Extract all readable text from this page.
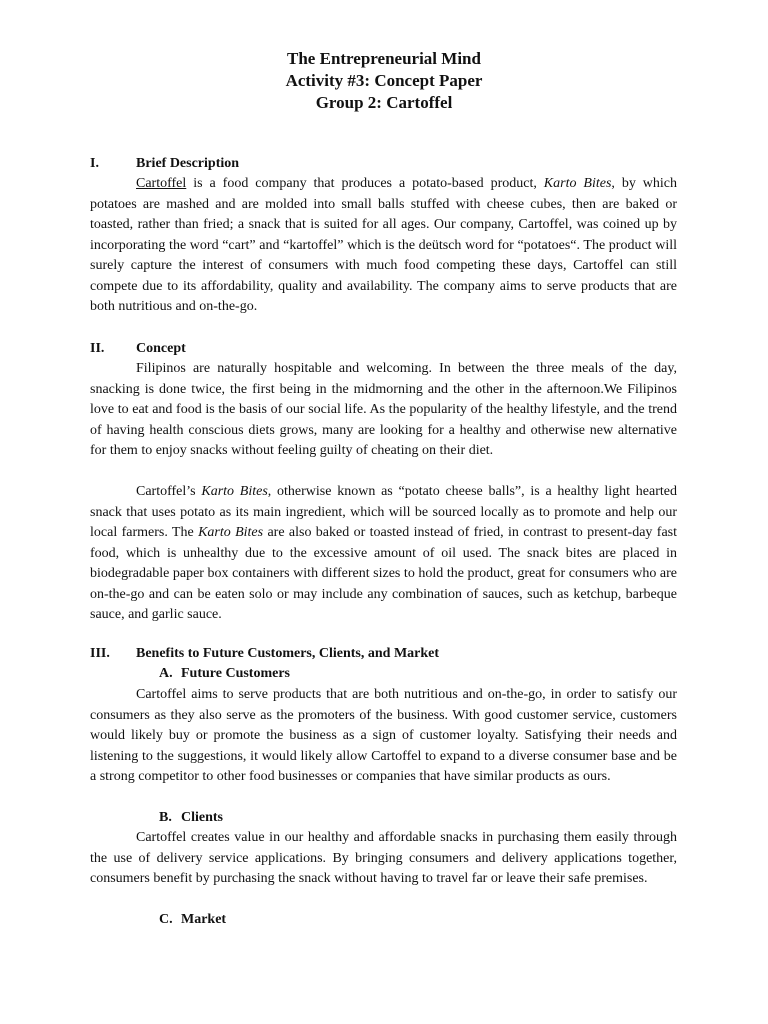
The Entrepreneurial Mind
Activity #3: Concept Paper
Group 2: Cartoffel
I.	Brief Description

Cartoffel is a food company that produces a potato-based product, Karto Bites, by which potatoes are mashed and are molded into small balls stuffed with cheese cubes, then are baked or toasted, rather than fried; a snack that is suited for all ages. Our company, Cartoffel, was coined up by incorporating the word “cart” and “kartoffel” which is the deütsch word for “potatoes“. The product will surely capture the interest of consumers with much food competing these days, Cartoffel can still compete due to its affordability, quality and availability. The company aims to serve products that are both nutritious and on-the-go.

II. Concept

Filipinos are naturally hospitable and welcoming. In between the three meals of the day, snacking is done twice, the first being in the midmorning and the other in the afternoon.We Filipinos love to eat and food is the basis of our social life. As the popularity of the healthy lifestyle, and the trend of having health conscious diets grows, many are looking for a healthy and otherwise new alternative for them to enjoy snacks without feeling guilty of cheating on their diet.

Cartoffel’s Karto Bites, otherwise known as “potato cheese balls”, is a healthy light hearted snack that uses potato as its main ingredient, which will be sourced locally as to promote and help our local farmers. The Karto Bites are also baked or toasted instead of fried, in contrast to present-day fast food, which is unhealthy due to the excessive amount of oil used. The snack bites are placed in biodegradable paper box containers with different sizes to hold the product, great for consumers who are on-the-go and can be eaten solo or may include any combination of sauces, such as ketchup, barbeque sauce, and garlic sauce.

III. Benefits to Future Customers, Clients, and Market
A. Future Customers

Cartoffel aims to serve products that are both nutritious and on-the-go, in order to satisfy our consumers as they also serve as the promoters of the business. With good customer service, customers would likely buy or promote the business as a sign of customer loyalty. Satisfying their needs and listening to the suggestions, it would likely allow Cartoffel to expand to a diverse consumer base and be a strong competitor to other food businesses or companies that have similar products as ours.

B. Clients

Cartoffel creates value in our healthy and affordable snacks in purchasing them easily through the use of delivery service applications. By bringing consumers and delivery applications together, consumers benefit by purchasing the snack without having to travel far or leave their safe premises.

C. Market
